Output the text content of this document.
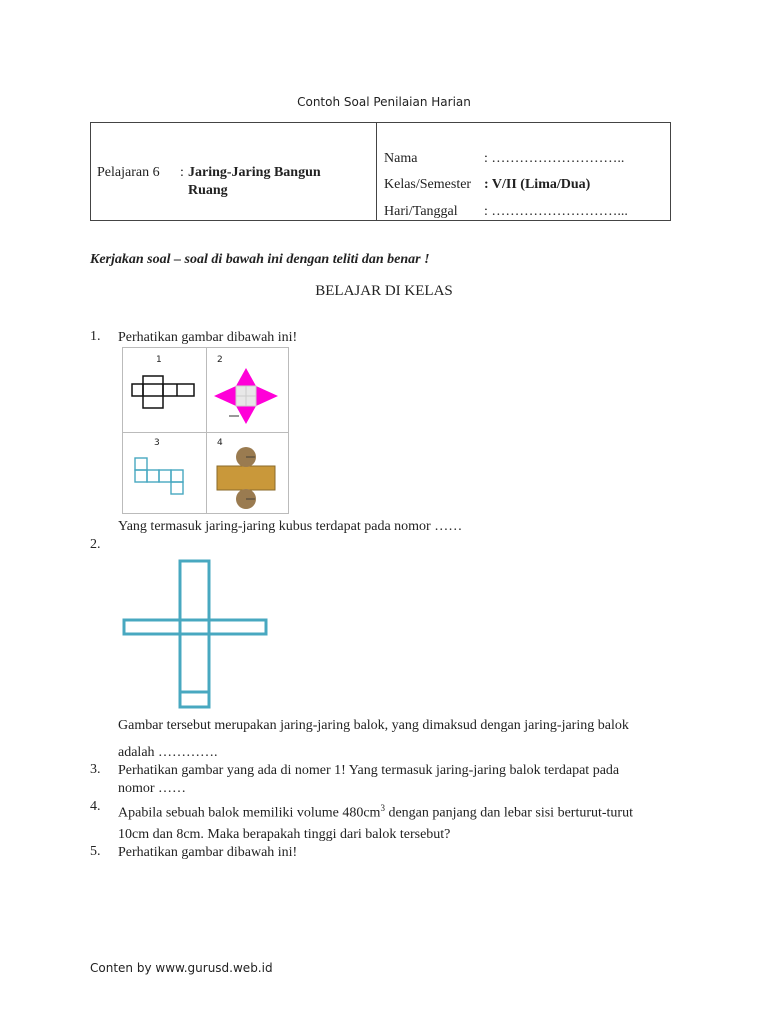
Contoh Soal Penilaian Harian
Pelajaran 6 : Jaring-Jaring Bangun
Ruang
Nama	: ………………………..
Kelas/Semester : V/II (Lima/Dua)
Hari/Tanggal : ………………………...
Kerjakan soal – soal di bawah ini dengan teliti dan benar !
BELAJAR DI KELAS
1. Perhatikan gambar dibawah ini!
1	2
3	4
Yang termasuk jaring-jaring kubus terdapat pada nomor ……
2.
Gambar tersebut merupakan jaring-jaring balok, yang dimaksud dengan jaring-jaring balok
adalah ………….
3. Perhatikan gambar yang ada di nomer 1! Yang termasuk jaring-jaring balok terdapat pada
nomor ……
4. Apabila sebuah balok memiliki volume $480cm^3$ dengan panjang dan lebar sisi berturut-turut
10cm dan 8cm. Maka berapakah tinggi dari balok tersebut?
5. Perhatikan gambar dibawah ini!
Conten by www.gurusd.web.id
